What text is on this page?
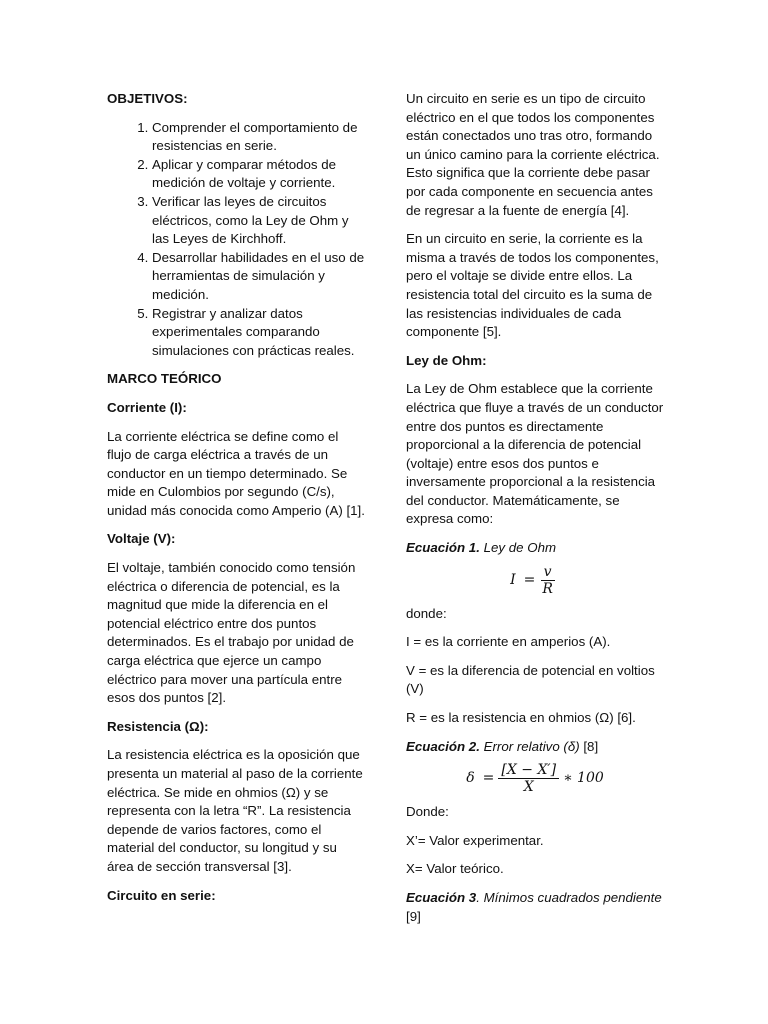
OBJETIVOS:

1. Comprender el comportamiento de resistencias en serie.
2. Aplicar y comparar métodos de medición de voltaje y corriente.
3. Verificar las leyes de circuitos eléctricos, como la Ley de Ohm y las Leyes de Kirchhoff.
4. Desarrollar habilidades en el uso de herramientas de simulación y medición.
5. Registrar y analizar datos experimentales comparando simulaciones con prácticas reales.

MARCO TEÓRICO

Corriente (I):

La corriente eléctrica se define como el flujo de carga eléctrica a través de un conductor en un tiempo determinado. Se mide en Culombios por segundo (C/s), unidad más conocida como Amperio (A) [1].

Voltaje (V):

El voltaje, también conocido como tensión eléctrica o diferencia de potencial, es la magnitud que mide la diferencia en el potencial eléctrico entre dos puntos determinados. Es el trabajo por unidad de carga eléctrica que ejerce un campo eléctrico para mover una partícula entre esos dos puntos [2].

Resistencia (Ω):

La resistencia eléctrica es la oposición que presenta un material al paso de la corriente eléctrica. Se mide en ohmios (Ω) y se representa con la letra “R”. La resistencia depende de varios factores, como el material del conductor, su longitud y su área de sección transversal [3].

Circuito en serie:

Un circuito en serie es un tipo de circuito eléctrico en el que todos los componentes están conectados uno tras otro, formando un único camino para la corriente eléctrica. Esto significa que la corriente debe pasar por cada componente en secuencia antes de regresar a la fuente de energía [4].

En un circuito en serie, la corriente es la misma a través de todos los componentes, pero el voltaje se divide entre ellos. La resistencia total del circuito es la suma de las resistencias individuales de cada componente [5].

Ley de Ohm:

La Ley de Ohm establece que la corriente eléctrica que fluye a través de un conductor entre dos puntos es directamente proporcional a la diferencia de potencial (voltaje) entre esos dos puntos e inversamente proporcional a la resistencia del conductor. Matemáticamente, se expresa como:

Ecuación 1. Ley de Ohm

$I = \frac{v}{R}$

donde:

I = es la corriente en amperios (A).

V = es la diferencia de potencial en voltios (V)

R = es la resistencia en ohmios (Ω) [6].

Ecuación 2. Error relativo (δ) [8]

$\delta = \frac{[X - X']}{X}$ ∗ 100

Donde:

X’= Valor experimentar.

X= Valor teórico.

Ecuación 3. Mínimos cuadrados pendiente

[9]
